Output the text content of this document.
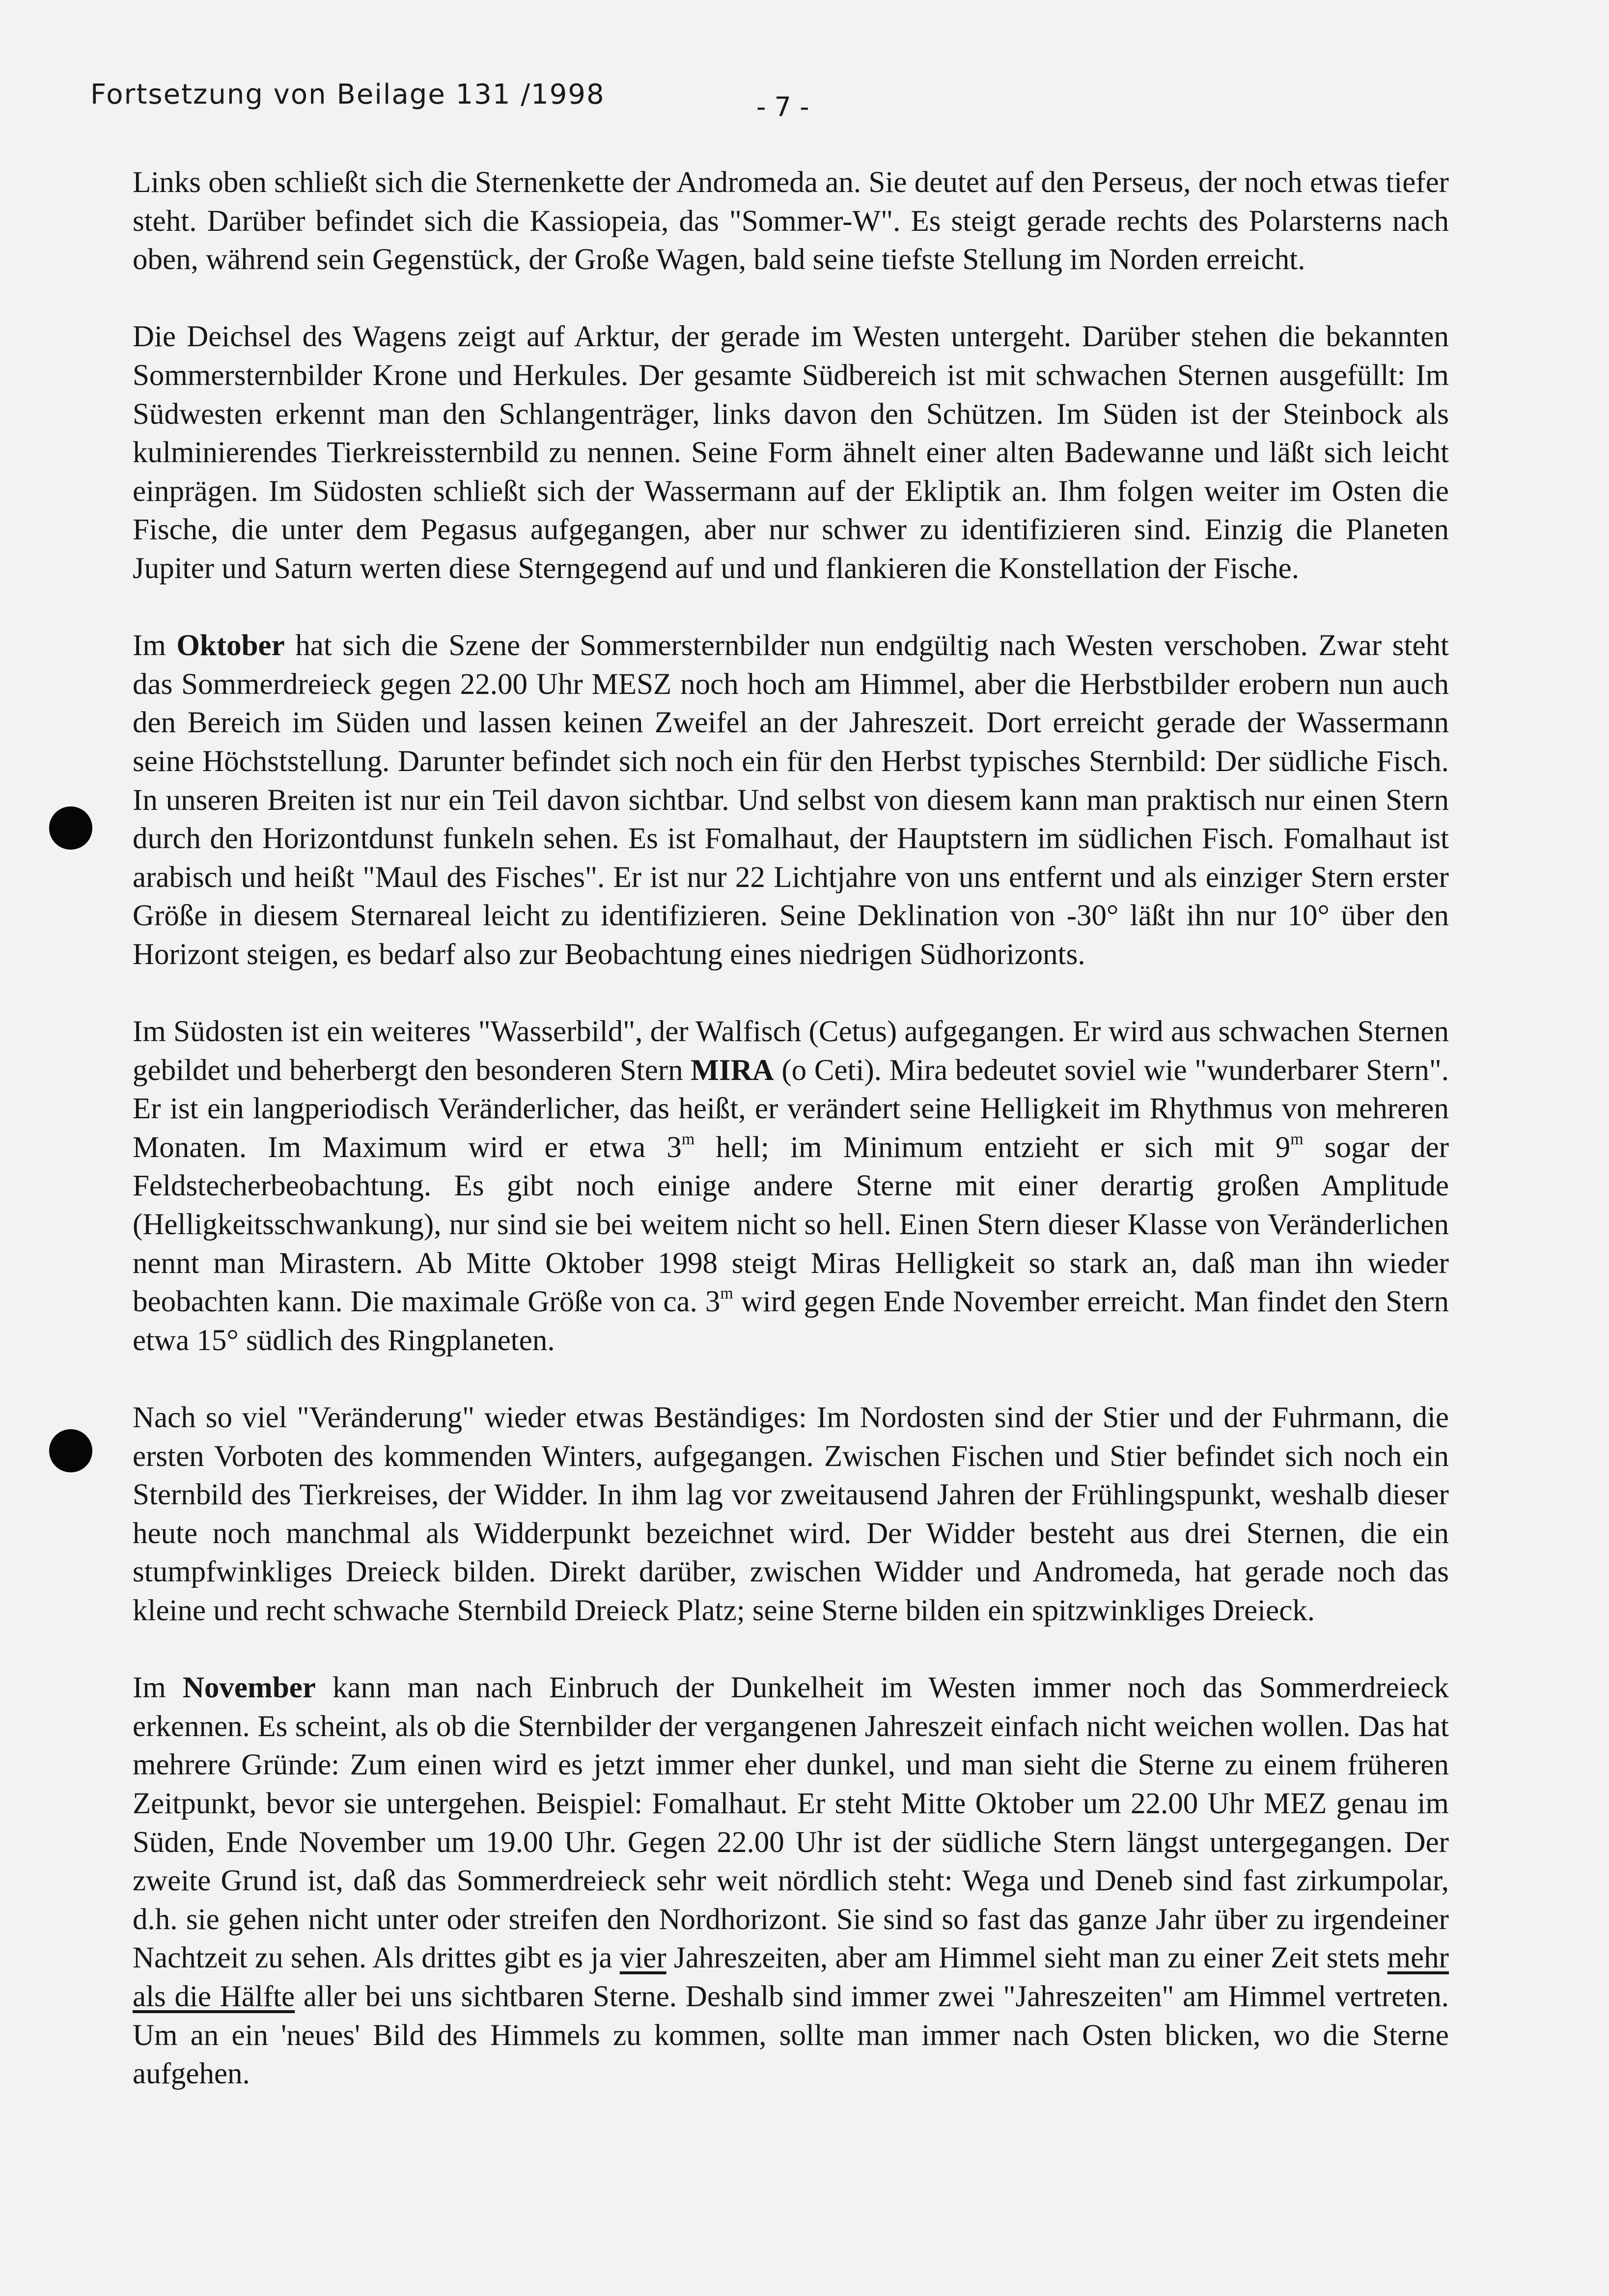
Fortsetzung von Beilage 131 /1998	- 7 -

Links oben schließt sich die Sternenkette der Andromeda an. Sie deutet auf den Perseus, der noch etwas tiefer steht. Darüber befindet sich die Kassiopeia, das "Sommer-W". Es steigt gerade rechts des Polarsterns nach oben, während sein Gegenstück, der Große Wagen, bald seine tiefste Stellung im Norden erreicht.

Die Deichsel des Wagens zeigt auf Arktur, der gerade im Westen untergeht. Darüber stehen die bekannten Sommersternbilder Krone und Herkules. Der gesamte Südbereich ist mit schwachen Sternen ausgefüllt: Im Südwesten erkennt man den Schlangenträger, links davon den Schützen. Im Süden ist der Steinbock als kulminierendes Tierkreissternbild zu nennen. Seine Form ähnelt einer alten Badewanne und läßt sich leicht einprägen. Im Südosten schließt sich der Wassermann auf der Ekliptik an. Ihm folgen weiter im Osten die Fische, die unter dem Pegasus aufgegangen, aber nur schwer zu identifizieren sind. Einzig die Planeten Jupiter und Saturn werten diese Sterngegend auf und und flankieren die Konstellation der Fische.

Im Oktober hat sich die Szene der Sommersternbilder nun endgültig nach Westen verschoben. Zwar steht das Sommerdreieck gegen 22.00 Uhr MESZ noch hoch am Himmel, aber die Herbstbilder erobern nun auch den Bereich im Süden und lassen keinen Zweifel an der Jahreszeit. Dort erreicht gerade der Wassermann seine Höchststellung. Darunter befindet sich noch ein für den Herbst typisches Sternbild: Der südliche Fisch. In unseren Breiten ist nur ein Teil davon sichtbar. Und selbst von diesem kann man praktisch nur einen Stern durch den Horizontdunst funkeln sehen. Es ist Fomalhaut, der Hauptstern im südlichen Fisch. Fomalhaut ist arabisch und heißt "Maul des Fisches". Er ist nur 22 Lichtjahre von uns entfernt und als einziger Stern erster Größe in diesem Sternareal leicht zu identifizieren. Seine Deklination von -30° läßt ihn nur 10° über den Horizont steigen, es bedarf also zur Beobachtung eines niedrigen Südhorizonts.

Im Südosten ist ein weiteres "Wasserbild", der Walfisch (Cetus) aufgegangen. Er wird aus schwachen Sternen gebildet und beherbergt den besonderen Stern MIRA (o Ceti). Mira bedeutet soviel wie "wunderbarer Stern". Er ist ein langperiodisch Veränderlicher, das heißt, er verändert seine Helligkeit im Rhythmus von mehreren Monaten. Im Maximum wird er etwa 3$^m$ hell; im Minimum entzieht er sich mit 9$^m$ sogar der Feldstecherbeobachtung. Es gibt noch einige andere Sterne mit einer derartig großen Amplitude (Helligkeitsschwankung), nur sind sie bei weitem nicht so hell. Einen Stern dieser Klasse von Veränderlichen nennt man Mirastern. Ab Mitte Oktober 1998 steigt Miras Helligkeit so stark an, daß man ihn wieder beobachten kann. Die maximale Größe von ca. 3$^m$ wird gegen Ende November erreicht. Man findet den Stern etwa 15° südlich des Ringplaneten.

Nach so viel "Veränderung" wieder etwas Beständiges: Im Nordosten sind der Stier und der Fuhrmann, die ersten Vorboten des kommenden Winters, aufgegangen. Zwischen Fischen und Stier befindet sich noch ein Sternbild des Tierkreises, der Widder. In ihm lag vor zweitausend Jahren der Frühlingspunkt, weshalb dieser heute noch manchmal als Widderpunkt bezeichnet wird. Der Widder besteht aus drei Sternen, die ein stumpfwinkliges Dreieck bilden. Direkt darüber, zwischen Widder und Andromeda, hat gerade noch das kleine und recht schwache Sternbild Dreieck Platz; seine Sterne bilden ein spitzwinkliges Dreieck.

Im November kann man nach Einbruch der Dunkelheit im Westen immer noch das Sommerdreieck erkennen. Es scheint, als ob die Sternbilder der vergangenen Jahreszeit einfach nicht weichen wollen. Das hat mehrere Gründe: Zum einen wird es jetzt immer eher dunkel, und man sieht die Sterne zu einem früheren Zeitpunkt, bevor sie untergehen. Beispiel: Fomalhaut. Er steht Mitte Oktober um 22.00 Uhr MEZ genau im Süden, Ende November um 19.00 Uhr. Gegen 22.00 Uhr ist der südliche Stern längst untergegangen. Der zweite Grund ist, daß das Sommerdreieck sehr weit nördlich steht: Wega und Deneb sind fast zirkumpolar, d.h. sie gehen nicht unter oder streifen den Nordhorizont. Sie sind so fast das ganze Jahr über zu irgendeiner Nachtzeit zu sehen. Als drittes gibt es ja vier Jahreszeiten, aber am Himmel sieht man zu einer Zeit stets mehr als die Hälfte aller bei uns sichtbaren Sterne. Deshalb sind immer zwei "Jahreszeiten" am Himmel vertreten. Um an ein 'neues' Bild des Himmels zu kommen, sollte man immer nach Osten blicken, wo die Sterne aufgehen.
